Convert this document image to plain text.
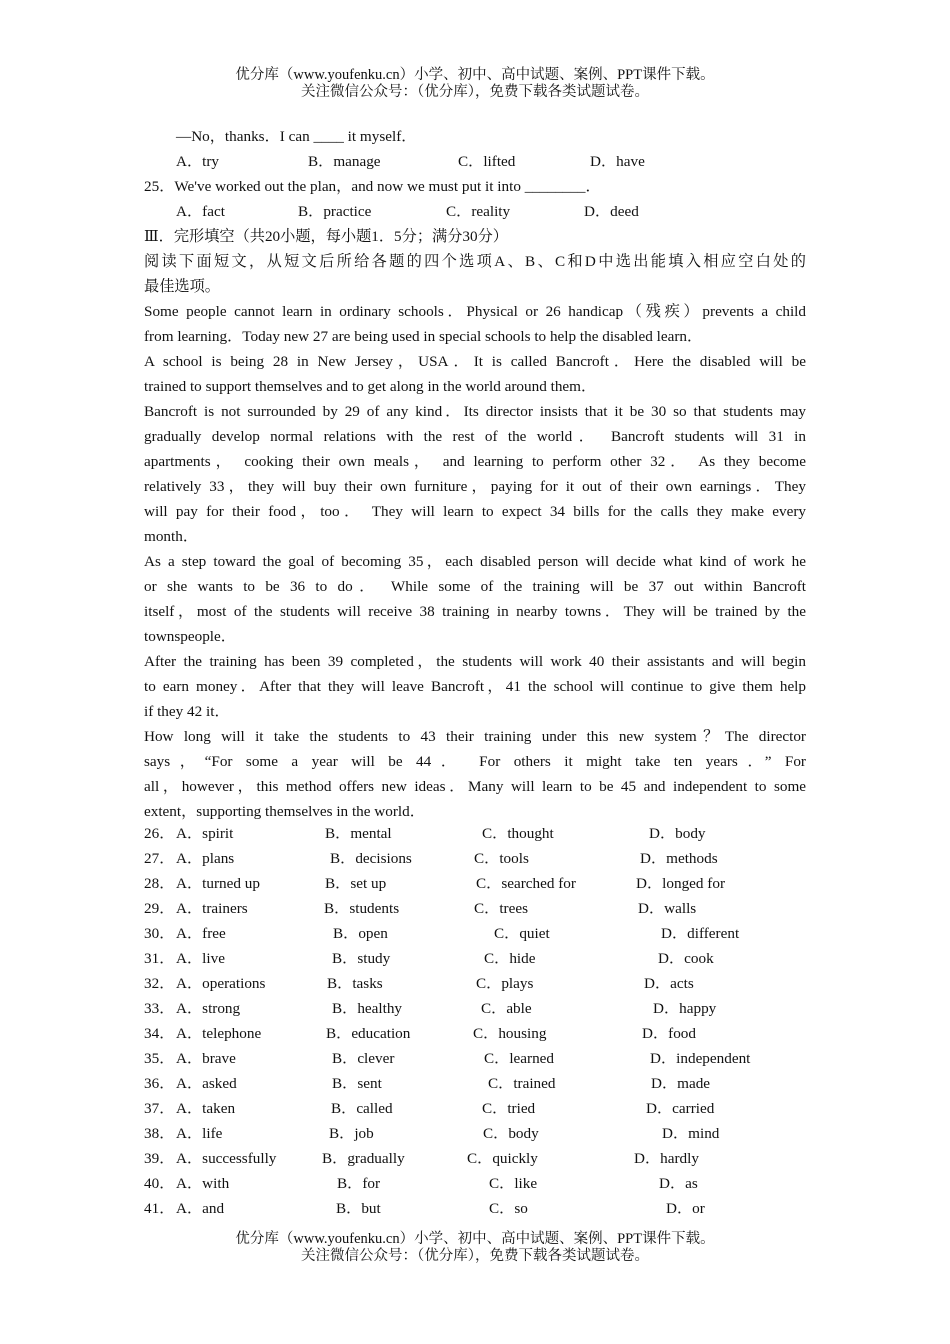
优分库（www.youfenku.cn）小学、初中、高中试题、案例、PPT课件下载。
关注微信公众号：（优分库），免费下载各类试题试卷。
—No，thanks．I can ____ it myself．
A．try	B．manage	C．lifted	D．have
25．We've worked out the plan，and now we must put it into ________．
A．fact	B．practice	C．reality	D．deed
Ⅲ．完形填空（共20小题，每小题1．5分；满分30分）
阅读下面短文，从短文后所给各题的四个选项A、B、C和D中选出能填入相应空白处的
最佳选项。
Some people cannot learn in ordinary schools．Physical or 26 handicap（残疾）prevents a child
from learning．Today new 27 are being used in special schools to help the disabled learn．
A school is being 28 in New Jersey，USA．It is called Bancroft．Here the disabled will be
trained to support themselves and to get along in the world around them．
Bancroft is not surrounded by 29 of any kind．Its director insists that it be 30 so that students may
gradually develop normal relations with the rest of the world． Bancroft students will 31 in
apartments， cooking their own meals， and learning to perform other 32． As they become
relatively 33，they will buy their own furniture，paying for it out of their own earnings．They
will pay for their food，too． They will learn to expect 34 bills for the calls they make every
month．
As a step toward the goal of becoming 35，each disabled person will decide what kind of work he
or she wants to be 36 to do． While some of the training will be 37 out within Bancroft
itself，most of the students will receive 38 training in nearby towns．They will be trained by the
townspeople．
After the training has been 39 completed，the students will work 40 their assistants and will begin
to earn money．After that they will leave Bancroft，41 the school will continue to give them help
if they 42 it．
How long will it take the students to 43 their training under this new system？The director
says，“For some a year will be 44． For others it might take ten years．” For
all，however，this method offers new ideas．Many will learn to be 45 and independent to some
extent，supporting themselves in the world．
26． A．spirit	B．mental	C．thought	D．body
27． A．plans	B．decisions	C．tools	D．methods
28． A．turned up	B．set up	C．searched for	D．longed for
29． A．trainers	B．students	C．trees	D．walls
30． A．free	B．open	C．quiet	D．different
31． A．live	B．study	C．hide	D．cook
32． A．operations	B．tasks	C．plays	D．acts
33． A．strong	B．healthy	C．able	D．happy
34． A．telephone	B．education	C．housing	D．food
35． A．brave	B．clever	C．learned	D．independent
36． A．asked	B．sent	C．trained	D．made
37． A．taken	B．called	C．tried	D．carried
38． A．life	B．job	C．body	D．mind
39． A．successfully	B．gradually	C．quickly	D．hardly
40． A．with	B．for	C．like	D．as
41． A．and	B．but	C．so	D．or
优分库（www.youfenku.cn）小学、初中、高中试题、案例、PPT课件下载。
关注微信公众号：（优分库），免费下载各类试题试卷。
